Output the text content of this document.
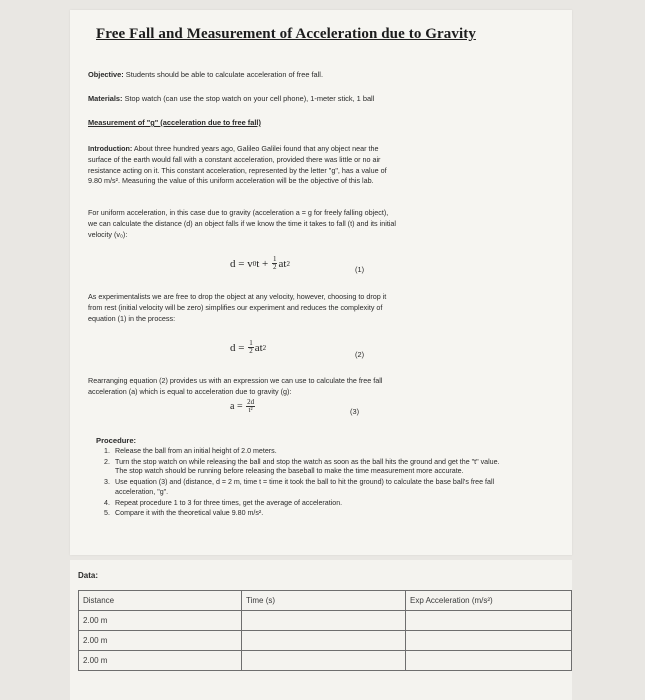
Free Fall and Measurement of Acceleration due to Gravity
Objective: Students should be able to calculate acceleration of free fall.
Materials: Stop watch (can use the stop watch on your cell phone), 1-meter stick, 1 ball
Measurement of "g" (acceleration due to free fall)
Introduction: About three hundred years ago, Galileo Galilei found that any object near the
surface of the earth would fall with a constant acceleration, provided there was little or no air
resistance acting on it. This constant acceleration, represented by the letter "g", has a value of
9.80 m/s². Measuring the value of this uniform acceleration will be the objective of this lab.
For uniform acceleration, in this case due to gravity (acceleration a = g for freely falling object),
we can calculate the distance (d) an object falls if we know the time it takes to fall (t) and its initial
velocity (v₀):
d = v 0 $t + \frac{1}{2}$ at 2
(1)
As experimentalists we are free to drop the object at any velocity, however, choosing to drop it
from rest (initial velocity will be zero) simplifies our experiment and reduces the complexity of
equation (1) in the process:
$d = \frac{1}{2}$ at 2
(2)
Rearranging equation (2) provides us with an expression we can use to calculate the free fall
acceleration (a) which is equal to acceleration due to gravity (g):
$a = \frac{2d}{\text{t²}}$	(3)
Procedure:
1. Release the ball from an initial height of 2.0 meters.
2. Turn the stop watch on while releasing the ball and stop the watch as soon as the ball hits the ground and get the "t" value. The stop watch should be running before releasing the baseball to make the time measurement more accurate.
3. Use equation (3) and (distance, d = 2 m, time t = time it took the ball to hit the ground) to calculate the base ball's free fall acceleration, "g".
4. Repeat procedure 1 to 3 for three times, get the average of acceleration.
5. Compare it with the theoretical value 9.80 m/s².
Data:
Distance	Time (s)	Exp Acceleration (m/s²)
2.00 m		
2.00 m		
2.00 m		
